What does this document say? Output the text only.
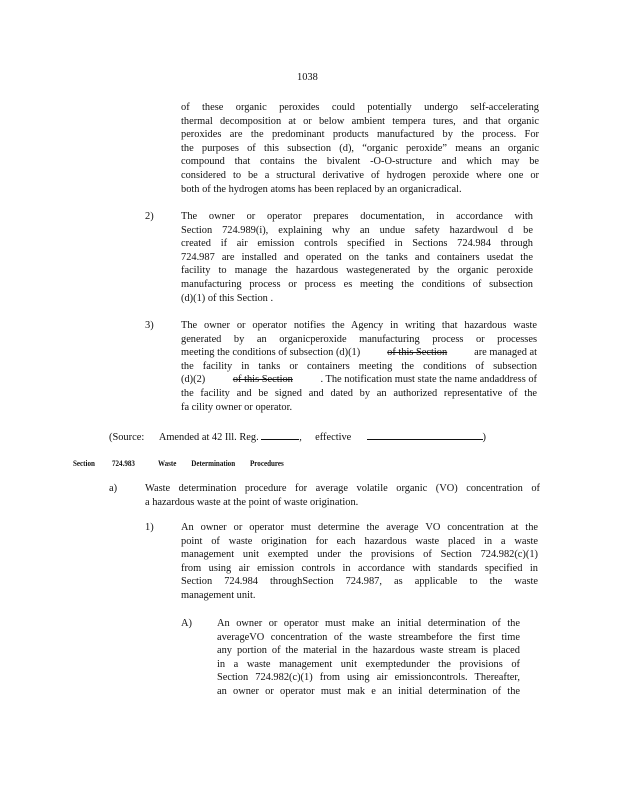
1038
of these organic peroxides could potentially undergo self-accelerating
thermal decomposition at or below ambient tempera tures, and that organic
peroxides are the predominant products manufactured by the process. For
the purposes of this subsection (d), “organic peroxide” means an organic
compound that contains the bivalent -O-O-structure and which may be
considered to be a structural derivative of hydrogen peroxide where one or
both of the hydrogen atoms has been replaced by an organicradical.
2)	The owner or operator prepares documentation, in accordance with
Section 724.989(i), explaining why an undue safety hazardwoul d be
created if air emission controls specified in Sections 724.984 through
724.987 are installed and operated on the tanks and containers usedat the
facility to manage the hazardous wastegenerated by the organic peroxide
manufacturing process or process es meeting the conditions of subsection
(d)(1) of this Section .
3)	The owner or operator notifies the Agency in writing that hazardous waste
generated by an organicperoxide manufacturing process or processes
meeting the conditions of subsection (d)(1)	of this Section	are managed at
the facility in tanks or containers meeting the conditions of subsection
(d)(2)	of this Section	. The notification must state the name andaddress of
the facility and be signed and dated by an authorized representative of the
fa cility owner or operator.
(Source: Amended at 42 Ill. Reg.	, effective	)
Section 724.983	Waste Determination Procedures
a)	Waste determination procedure for average volatile organic (VO) concentration of
a hazardous waste at the point of waste origination.
1)	An owner or operator must determine the average VO concentration at the
point of waste origination for each hazardous waste placed in a waste
management unit exempted under the provisions of Section 724.982(c)(1)
from using air emission controls in accordance with standards specified in
Section 724.984 throughSection 724.987, as applicable to the waste
management unit.
A) An owner or operator must make an initial determination of the
averageVO concentration of the waste streambefore the first time
any portion of the material in the hazardous waste stream is placed
in a waste management unit exemptedunder the provisions of
Section 724.982(c)(1) from using air emissioncontrols. Thereafter,
an owner or operator must mak e an initial determination of the
